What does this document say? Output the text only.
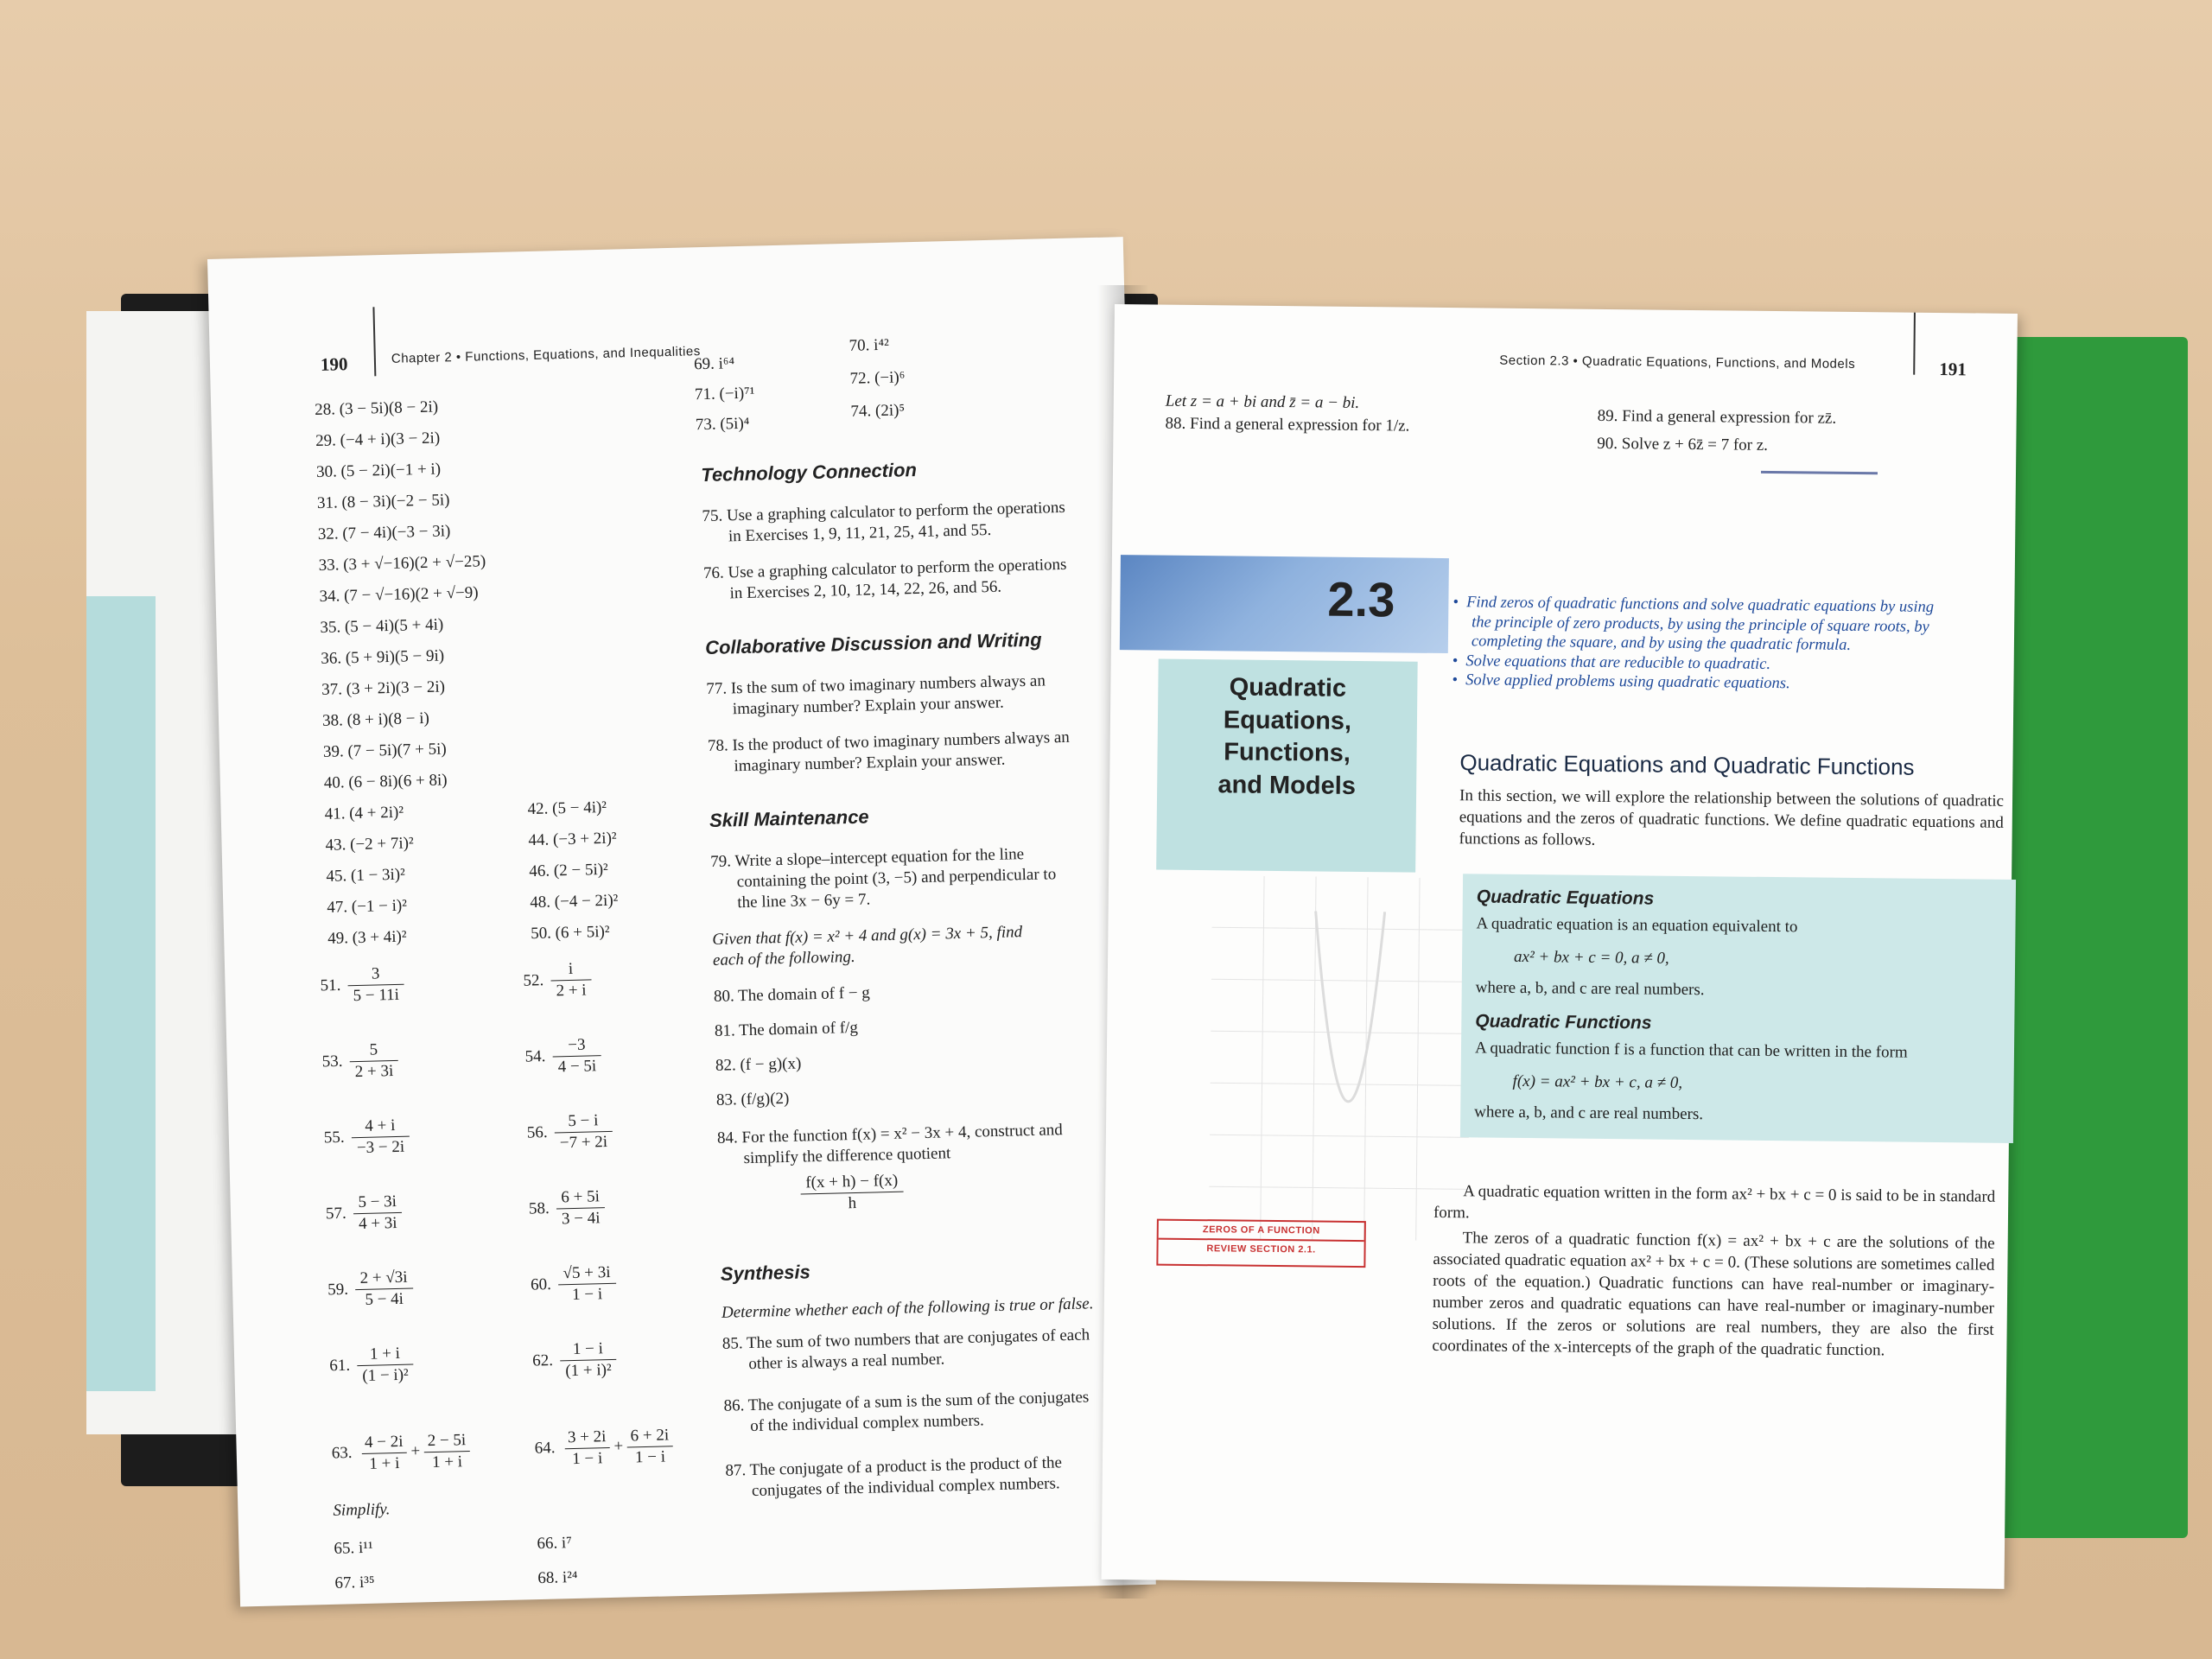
190	Chapter 2 • Functions, Equations, and Inequalities
28. (3 − 5i)(8 − 2i)
29. (−4 + i)(3 − 2i)
30. (5 − 2i)(−1 + i)
31. (8 − 3i)(−2 − 5i)
32. (7 − 4i)(−3 − 3i)
33. (3 + √−16)(2 + √−25)
34. (7 − √−16)(2 + √−9)
35. (5 − 4i)(5 + 4i)
36. (5 + 9i)(5 − 9i)
37. (3 + 2i)(3 − 2i)
38. (8 + i)(8 − i)
39. (7 − 5i)(7 + 5i)
40. (6 − 8i)(6 + 8i)
41. (4 + 2i)²
43. (−2 + 7i)²
45. (1 − 3i)²
47. (−1 − i)²
49. (3 + 4i)²
42. (5 − 4i)²
44. (−3 + 2i)²
46. (2 − 5i)²
48. (−4 − 2i)²
50. (6 + 5i)²
51. $\frac{3}{5 - 11i}$
53. $\frac{5}{2 + 3i}$
55. $\frac{4 + i}{-3 - 2i}$
57. $\frac{5 - 3i}{4 + 3i}$
59. $\frac{2 + √3i}{5 - 4i}$
61. $\frac{1 + i}{\text{(1 − i)²}}$
52. $\frac{i}{2 + i}$
54. $\frac{-3}{4 - 5i}$
56. $\frac{5 - i}{-7 + 2i}$
58. $\frac{6 + 5i}{3 - 4i}$
60. $\frac{√5 + 3i}{1 - i}$
62. $\frac{1 - i}{\text{(1 + i)²}}$
63. $\frac{4 - 2i}{1 + i} + \frac{2 - 5i}{1 + i}$	64. $\frac{3 + 2i}{1 - i} + \frac{6 + 2i}{1 - i}$
Simplify.
65. i¹¹
67. i³⁵
66. i⁷
68. i²⁴
69. i⁶⁴
71. (−i)⁷¹
73. (5i)⁴
70. i⁴²
72. (−i)⁶
74. (2i)⁵
Technology Connection
75. Use a graphing calculator to perform the operations
in Exercises 1, 9, 11, 21, 25, 41, and 55.
76. Use a graphing calculator to perform the operations
in Exercises 2, 10, 12, 14, 22, 26, and 56.
Collaborative Discussion and Writing
77. Is the sum of two imaginary numbers always an
imaginary number? Explain your answer.
78. Is the product of two imaginary numbers always an
imaginary number? Explain your answer.
Skill Maintenance
79. Write a slope–intercept equation for the line
containing the point (3, −5) and perpendicular to
the line 3x − 6y = 7.
Given that f(x) = x² + 4 and g(x) = 3x + 5, find
each of the following.
80. The domain of f − g
81. The domain of f/g
82. (f − g)(x)
83. (f/g)(2)
84. For the function f(x) = x² − 3x + 4, construct and
simplify the difference quotient
f(x + h) − f(x)
h
Synthesis
Determine whether each of the following is true or false.
85. The sum of two numbers that are conjugates of each
other is always a real number.
86. The conjugate of a sum is the sum of the conjugates
of the individual complex numbers.
87. The conjugate of a product is the product of the
conjugates of the individual complex numbers.
Section 2.3 • Quadratic Equations, Functions, and Models	191
Let z = a + bi and z̄ = a − bi.
88. Find a general expression for 1/z.	89. Find a general expression for zz̄.
90. Solve z + 6z̄ = 7 for z.
2.3
Quadratic
Equations,
Functions,
and Models
•  Find zeros of quadratic functions and solve quadratic equations by using
the principle of zero products, by using the principle of square roots, by
completing the square, and by using the quadratic formula.
•  Solve equations that are reducible to quadratic.
•  Solve applied problems using quadratic equations.
Quadratic Equations and Quadratic Functions
In this section, we will explore the relationship between the solutions of quadratic equations and the zeros of quadratic functions. We define quadratic equations and functions as follows.
Quadratic Equations
A quadratic equation is an equation equivalent to
ax² + bx + c = 0, a ≠ 0,
where a, b, and c are real numbers.
Quadratic Functions
A quadratic function f is a function that can be written in the form
f(x) = ax² + bx + c, a ≠ 0,
where a, b, and c are real numbers.
ZEROS OF A FUNCTION
REVIEW SECTION 2.1.
A quadratic equation written in the form ax² + bx + c = 0 is said to be in standard form.
The zeros of a quadratic function f(x) = ax² + bx + c are the solutions of the associated quadratic equation ax² + bx + c = 0. (These solutions are sometimes called roots of the equation.) Quadratic functions can have real-number or imaginary-number zeros and quadratic equations can have real-number or imaginary-number solutions. If the zeros or solutions are real numbers, they are also the first coordinates of the x-intercepts of the graph of the quadratic function.
